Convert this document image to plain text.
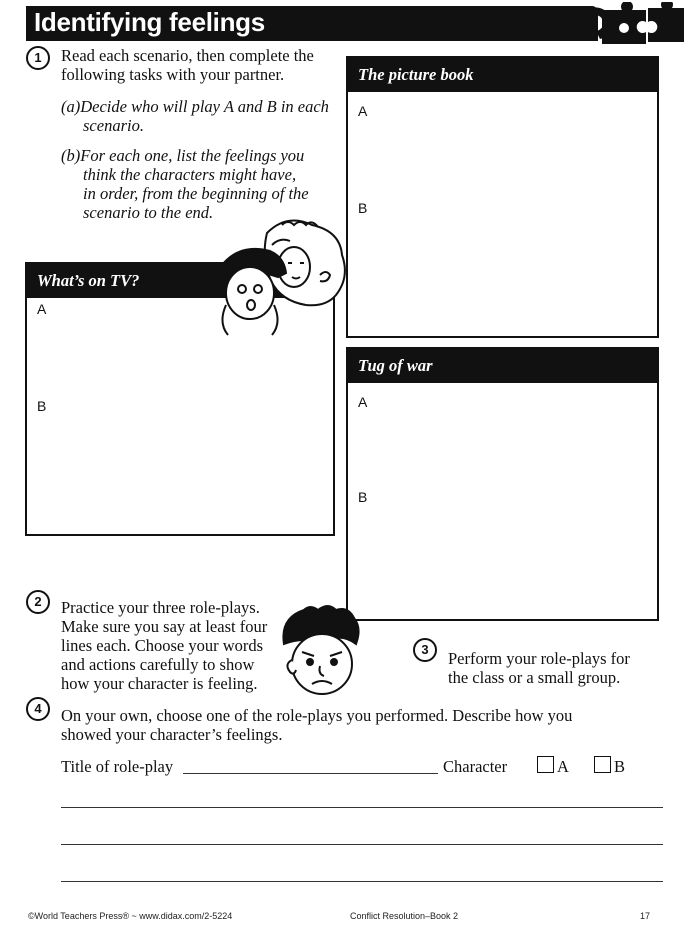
Identifying feelings
1	Read each scenario, then complete the
following tasks with your partner.
(a)Decide who will play A and B in each
scenario.
(b)For each one, list the feelings you
think the characters might have,
in order, from the beginning of the
scenario to the end.
The picture book
A
B
What’s on TV?
A
B
Tug of war
A
B
2	Practice your three role-plays.
Make sure you say at least four
lines each. Choose your words
and actions carefully to show
how your character is feeling.
3	Perform your role-plays for
the class or a small group.
4	On your own, choose one of the role-plays you performed. Describe how you
showed your character’s feelings.
Title of role-play	Character	A	B
©World Teachers Press® ~ www.didax.com/2-5224	Conflict Resolution–Book 2	17
